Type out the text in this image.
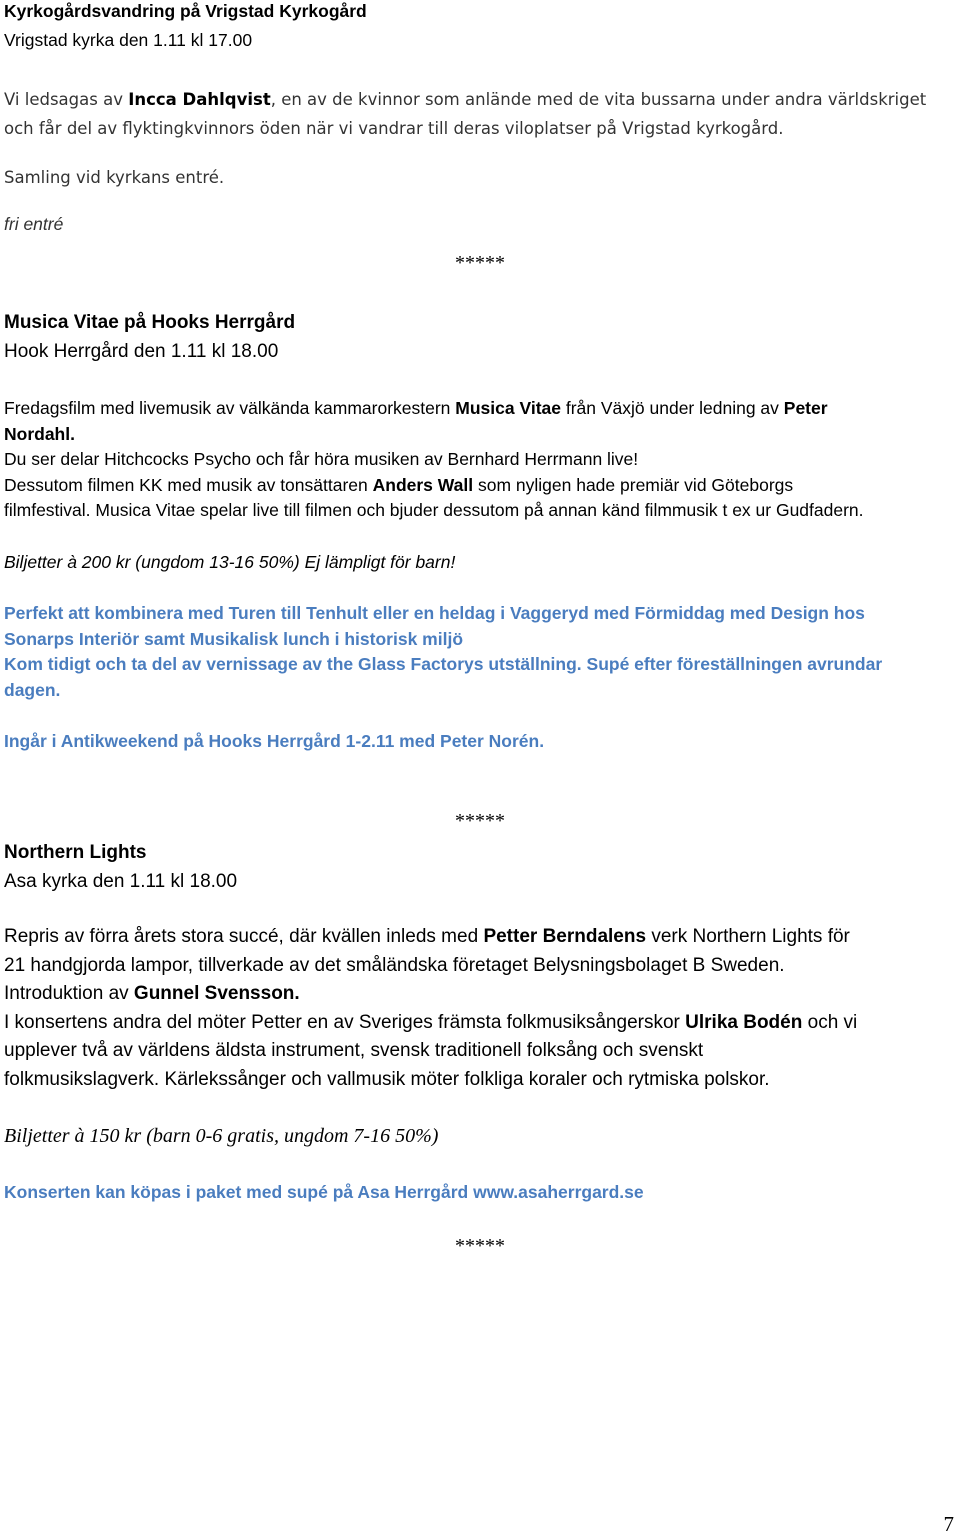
Kyrkogårdsvandring på Vrigstad Kyrkogård
Vrigstad kyrka den 1.11 kl 17.00
Vi ledsagas av Incca Dahlqvist, en av de kvinnor som anlände med de vita bussarna under andra världskriget
och får del av flyktingkvinnors öden när vi vandrar till deras viloplatser på Vrigstad kyrkogård.
Samling vid kyrkans entré.
fri entré
*****
Musica Vitae på Hooks Herrgård
Hook Herrgård den 1.11 kl 18.00
Fredagsfilm med livemusik av välkända kammarorkestern Musica Vitae från Växjö under ledning av Peter
Nordahl.
Du ser delar Hitchcocks Psycho och får höra musiken av Bernhard Herrmann live!
Dessutom filmen KK med musik av tonsättaren Anders Wall som nyligen hade premiär vid Göteborgs
filmfestival. Musica Vitae spelar live till filmen och bjuder dessutom på annan känd filmmusik t ex ur Gudfadern.
Biljetter à 200 kr (ungdom 13-16 50%) Ej lämpligt för barn!
Perfekt att kombinera med Turen till Tenhult eller en heldag i Vaggeryd med Förmiddag med Design hos
Sonarps Interiör samt Musikalisk lunch i historisk miljö
Kom tidigt och ta del av vernissage av the Glass Factorys utställning. Supé efter föreställningen avrundar
dagen.
Ingår i Antikweekend på Hooks Herrgård 1-2.11 med Peter Norén.
*****
Northern Lights
Asa kyrka den 1.11 kl 18.00
Repris av förra årets stora succé, där kvällen inleds med Petter Berndalens verk Northern Lights för
21 handgjorda lampor, tillverkade av det småländska företaget Belysningsbolaget B Sweden.
Introduktion av Gunnel Svensson.
I konsertens andra del möter Petter en av Sveriges främsta folkmusiksångerskor Ulrika Bodén och vi
upplever två av världens äldsta instrument, svensk traditionell folksång och svenskt
folkmusikslagverk. Kärlekssånger och vallmusik möter folkliga koraler och rytmiska polskor.
Biljetter à 150 kr (barn 0-6 gratis, ungdom 7-16 50%)
Konserten kan köpas i paket med supé på Asa Herrgård www.asaherrgard.se
*****
7
